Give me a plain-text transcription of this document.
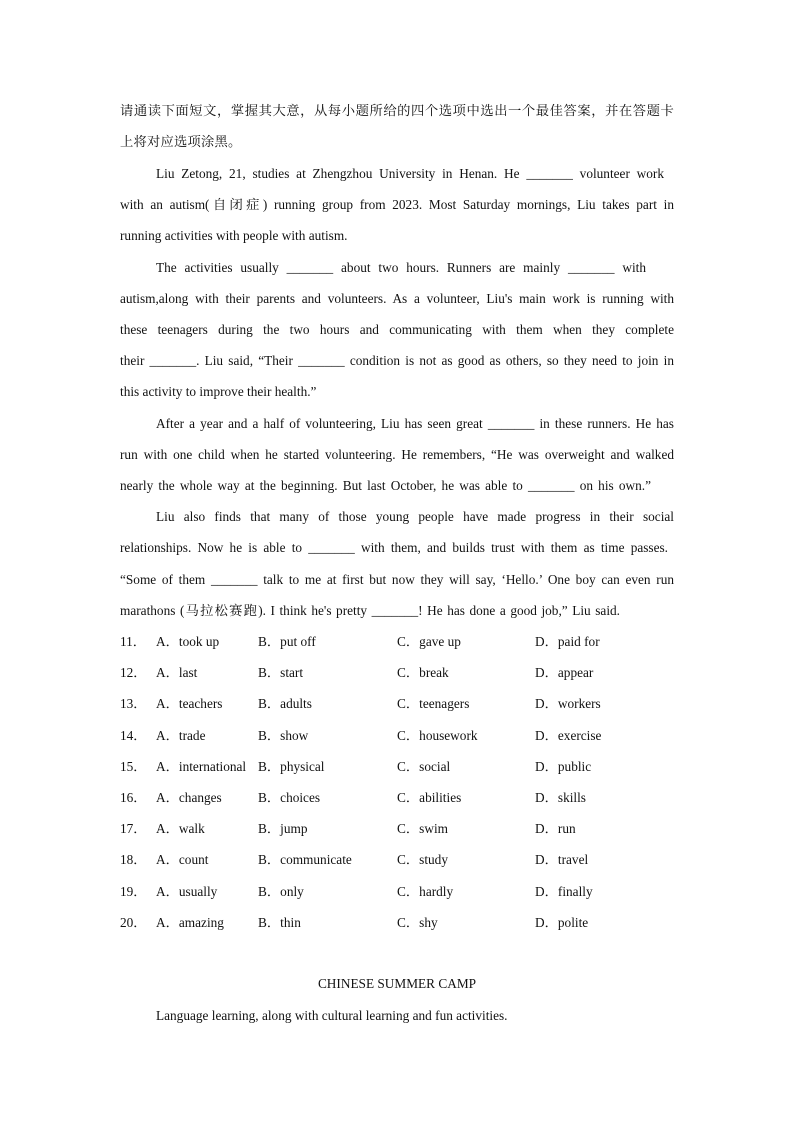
请通读下面短文，掌握其大意，从每小题所给的四个选项中选出一个最佳答案，并在答题卡
上将对应选项涂黑。
Liu Zetong, 21, studies at Zhengzhou University in Henan. He _______ volunteer work
with an autism(自闭症) running group from 2023. Most Saturday mornings, Liu takes part in
running activities with people with autism.
The activities usually _______ about two hours. Runners are mainly _______ with
autism,along with their parents and volunteers. As a volunteer, Liu's main work is running with
these teenagers during the two hours and communicating with them when they complete
their _______. Liu said, “Their _______ condition is not as good as others, so they need to join in
this activity to improve their health.”
After a year and a half of volunteering, Liu has seen great _______ in these runners. He has
run with one child when he started volunteering. He remembers, “He was overweight and walked
nearly the whole way at the beginning. But last October, he was able to _______ on his own.”
Liu also finds that many of those young people have made progress in their social
relationships. Now he is able to _______ with them, and builds trust with them as time passes.
“Some of them _______ talk to me at first but now they will say, ‘Hello.’ One boy can even run
marathons (马拉松赛跑). I think he's pretty _______! He has done a good job,” Liu said.
11． A．took up	B．put off	C．gave up	D．paid for
12． A．last	B．start	C．break	D．appear
13． A．teachers	B．adults	C．teenagers	D．workers
14． A．trade	B．show	C．housework	D．exercise
15． A．international B．physical	C．social	D．public
16． A．changes	B．choices	C．abilities	D．skills
17． A．walk	B．jump	C．swim	D．run
18． A．count	B．communicate	C．study	D．travel
19． A．usually	B．only	C．hardly	D．finally
20． A．amazing	B．thin	C．shy	D．polite
CHINESE SUMMER CAMP
Language learning, along with cultural learning and fun activities.
